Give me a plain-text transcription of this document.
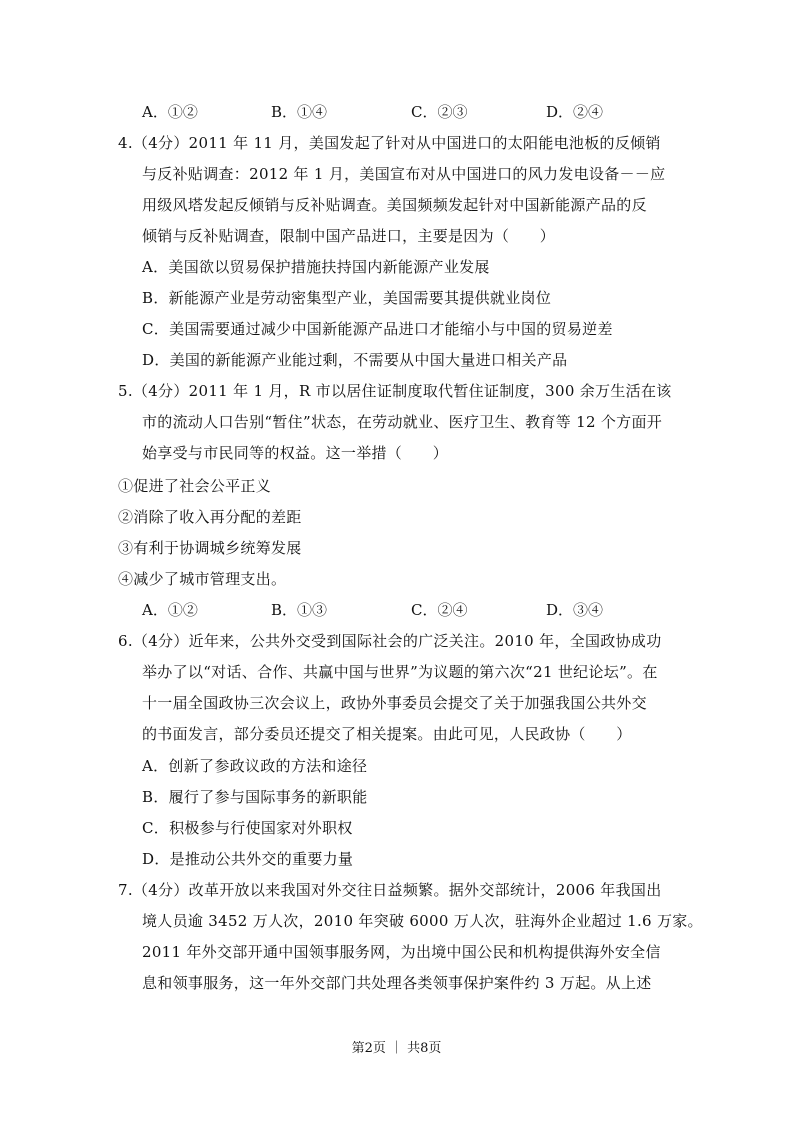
A．①②	B．①④	C．②③	D．②④
4.（4分）2011 年 11 月，美国发起了针对从中国进口的太阳能电池板的反倾销
与反补贴调查：2012 年 1 月，美国宣布对从中国进口的风力发电设备－－应
用级风塔发起反倾销与反补贴调查。美国频频发起针对中国新能源产品的反
倾销与反补贴调查，限制中国产品进口，主要是因为（　　）
A．美国欲以贸易保护措施扶持国内新能源产业发展
B．新能源产业是劳动密集型产业，美国需要其提供就业岗位
C．美国需要通过减少中国新能源产品进口才能缩小与中国的贸易逆差
D．美国的新能源产业能过剩，不需要从中国大量进口相关产品
5.（4分）2011 年 1 月，R 市以居住证制度取代暂住证制度，300 余万生活在该
市的流动人口告别“暂住”状态，在劳动就业、医疗卫生、教育等 12 个方面开
始享受与市民同等的权益。这一举措（　　）
①促进了社会公平正义
②消除了收入再分配的差距
③有利于协调城乡统筹发展
④减少了城市管理支出。
A．①②	B．①③	C．②④	D．③④
6.（4分）近年来，公共外交受到国际社会的广泛关注。2010 年，全国政协成功
举办了以“对话、合作、共赢中国与世界”为议题的第六次“21 世纪论坛”。在
十一届全国政协三次会议上，政协外事委员会提交了关于加强我国公共外交
的书面发言，部分委员还提交了相关提案。由此可见，人民政协（　　）
A．创新了参政议政的方法和途径
B．履行了参与国际事务的新职能
C．积极参与行使国家对外职权
D．是推动公共外交的重要力量
7.（4分）改革开放以来我国对外交往日益频繁。据外交部统计，2006 年我国出
境人员逾 3452 万人次，2010 年突破 6000 万人次，驻海外企业超过 1.6 万家。
2011 年外交部开通中国领事服务网，为出境中国公民和机构提供海外安全信
息和领事服务，这一年外交部门共处理各类领事保护案件约 3 万起。从上述
第2页 ｜ 共8页
